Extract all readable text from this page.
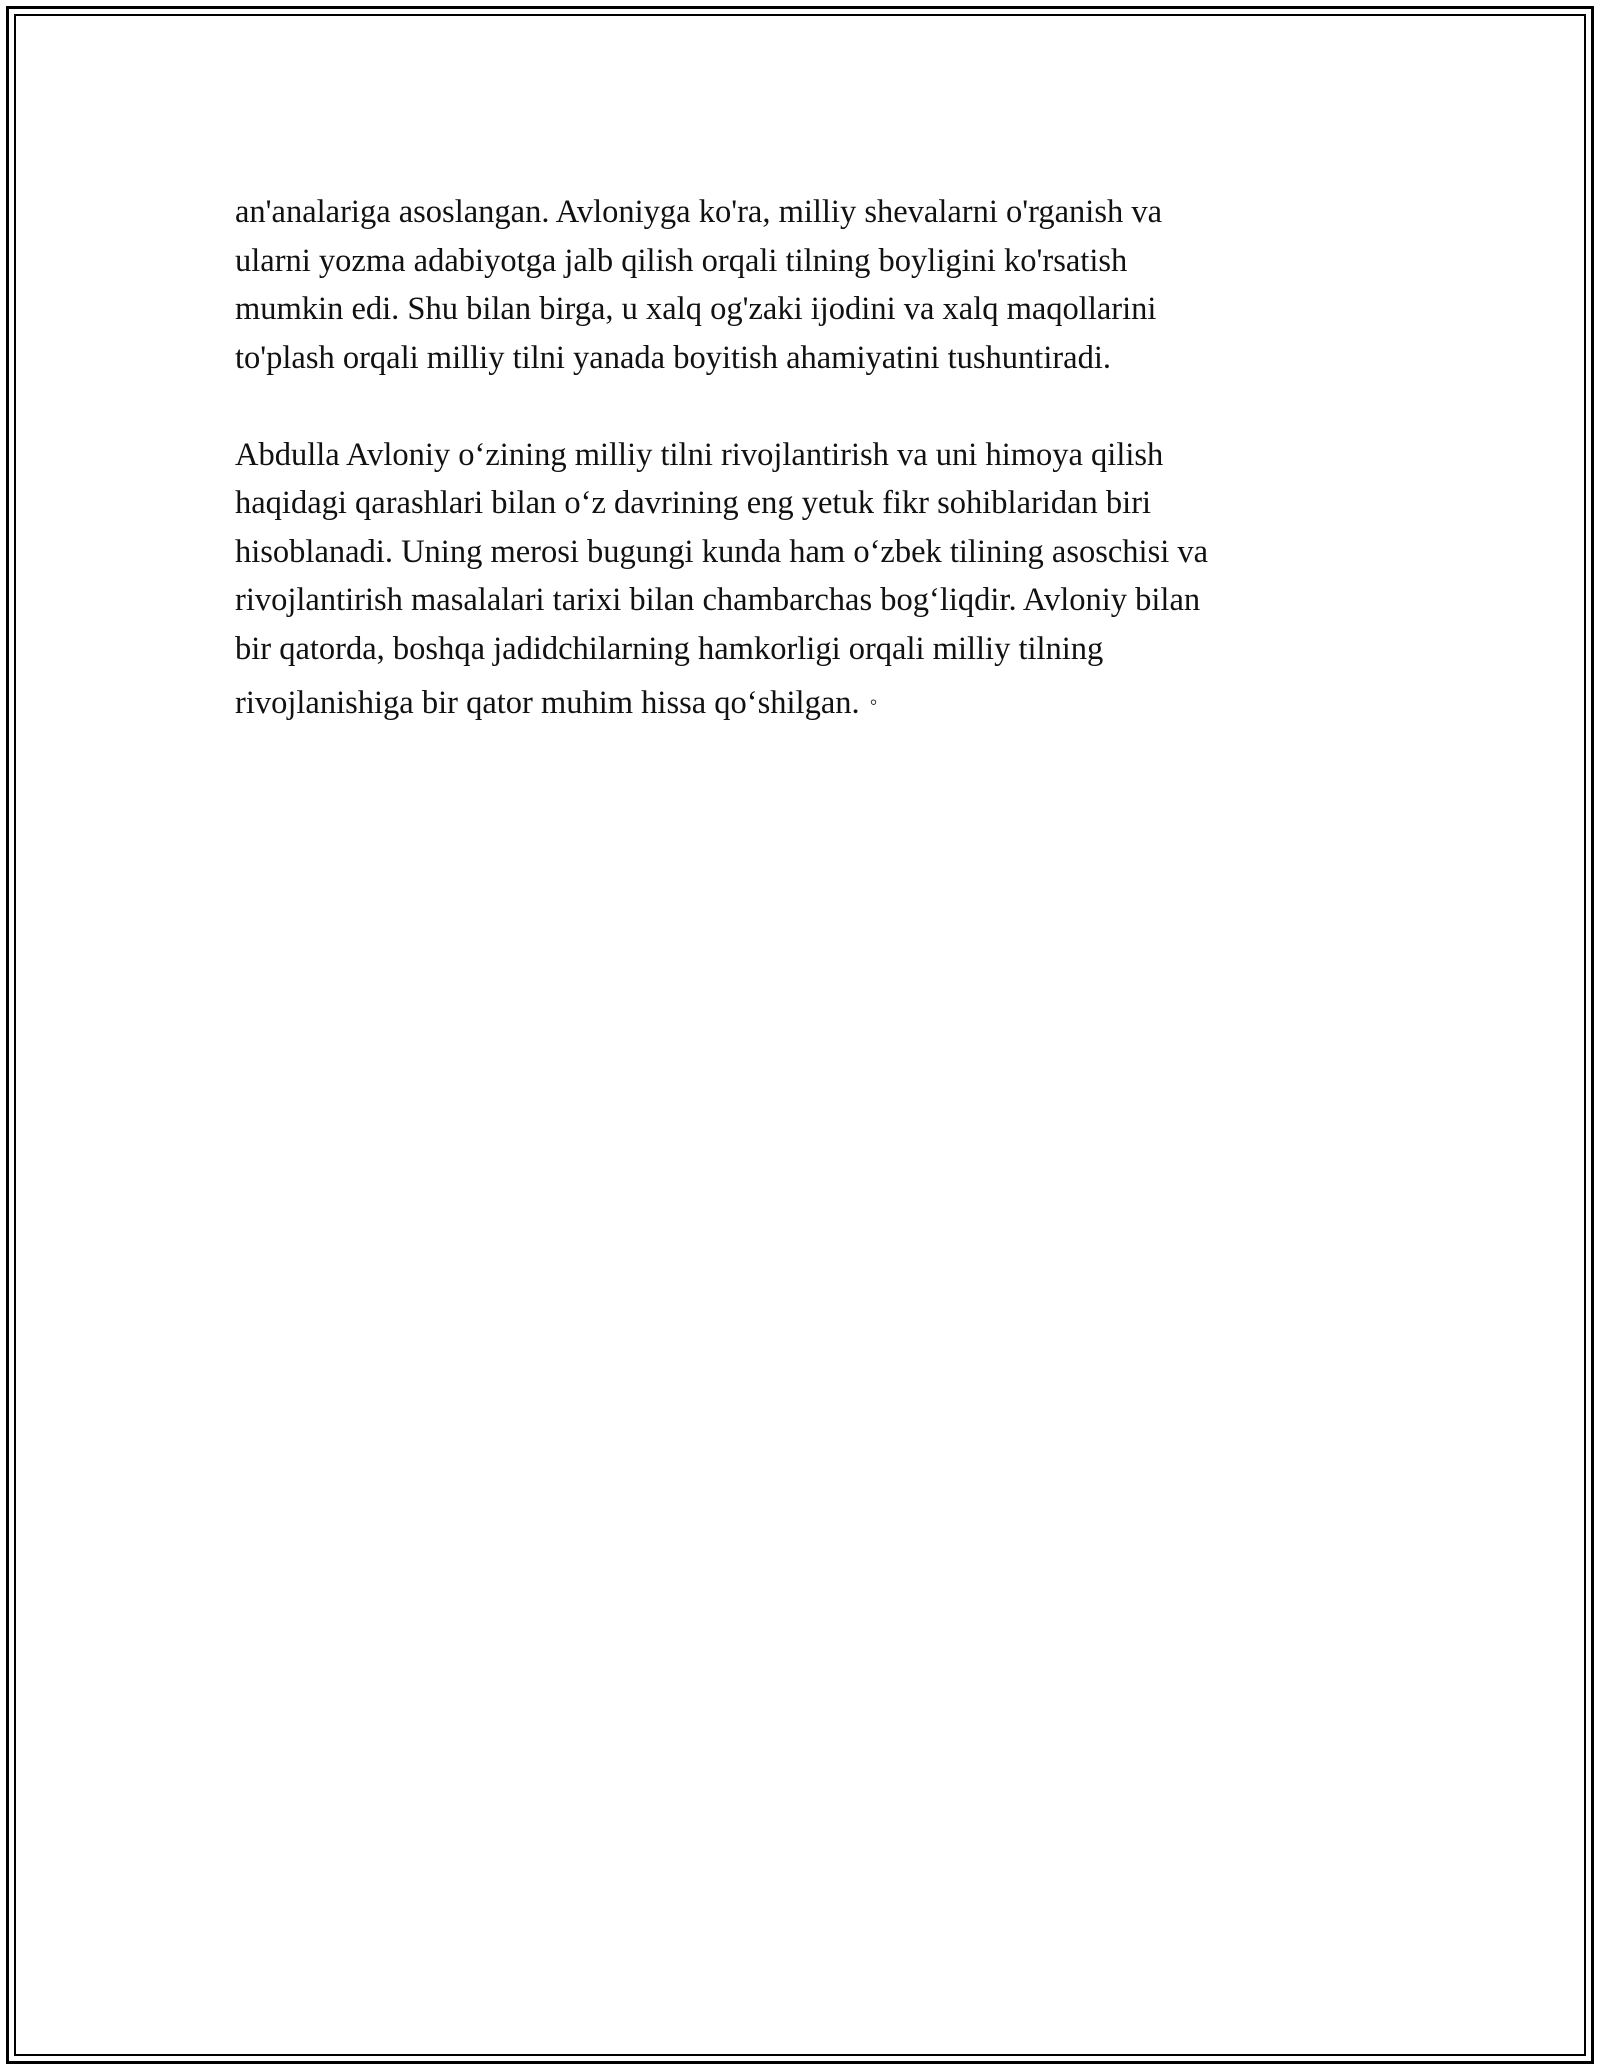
an'analariga asoslangan. Avloniyga ko'ra, milliy shevalarni o'rganish va
ularni yozma adabiyotga jalb qilish orqali tilning boyligini ko'rsatish
mumkin edi. Shu bilan birga, u xalq og'zaki ijodini va xalq maqollarini
to'plash orqali milliy tilni yanada boyitish ahamiyatini tushuntiradi.

Abdulla Avloniy o‘zining milliy tilni rivojlantirish va uni himoya qilish
haqidagi qarashlari bilan o‘z davrining eng yetuk fikr sohiblaridan biri
hisoblanadi. Uning merosi bugungi kunda ham o‘zbek tilining asoschisi va
rivojlantirish masalalari tarixi bilan chambarchas bog‘liqdir. Avloniy bilan
bir qatorda, boshqa jadidchilarning hamkorligi orqali milliy tilning
rivojlanishiga bir qator muhim hissa qo‘shilgan. ◦
